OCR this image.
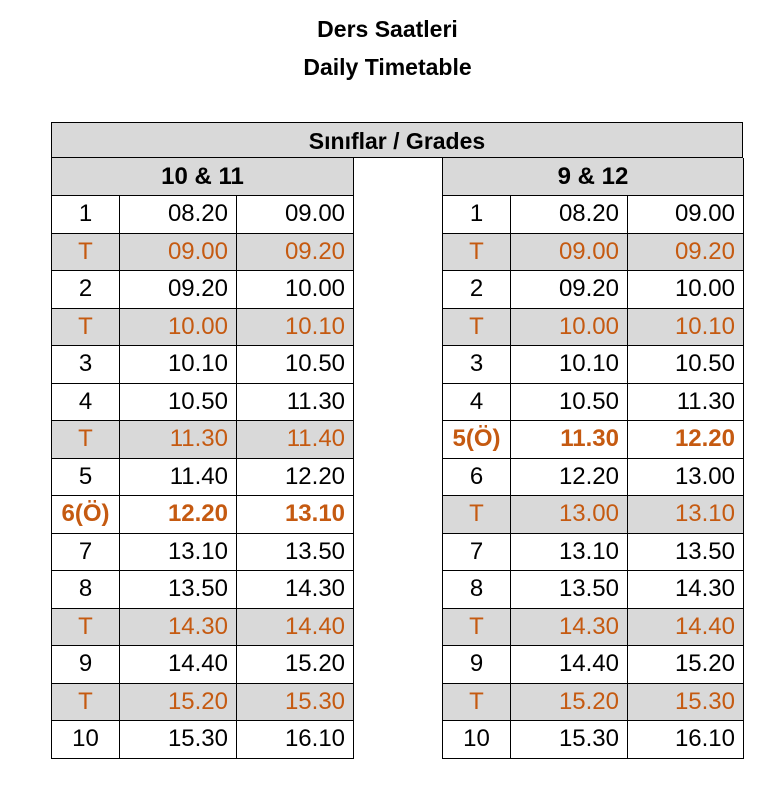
Ders Saatleri
Daily Timetable
Sınıflar / Grades
10 & 11		
1	08.20	09.00
T	09.00	09.20
2	09.20	10.00
T	10.00	10.10
3	10.10	10.50
4	10.50	11.30
T	11.30	11.40
5	11.40	12.20
6(Ö)	12.20	13.10
7	13.10	13.50
8	13.50	14.30
T	14.30	14.40
9	14.40	15.20
T	15.20	15.30
10	15.30	16.10
9 & 12		
1	08.20	09.00
T	09.00	09.20
2	09.20	10.00
T	10.00	10.10
3	10.10	10.50
4	10.50	11.30
5(Ö)	11.30	12.20
6	12.20	13.00
T	13.00	13.10
7	13.10	13.50
8	13.50	14.30
T	14.30	14.40
9	14.40	15.20
T	15.20	15.30
10	15.30	16.10
